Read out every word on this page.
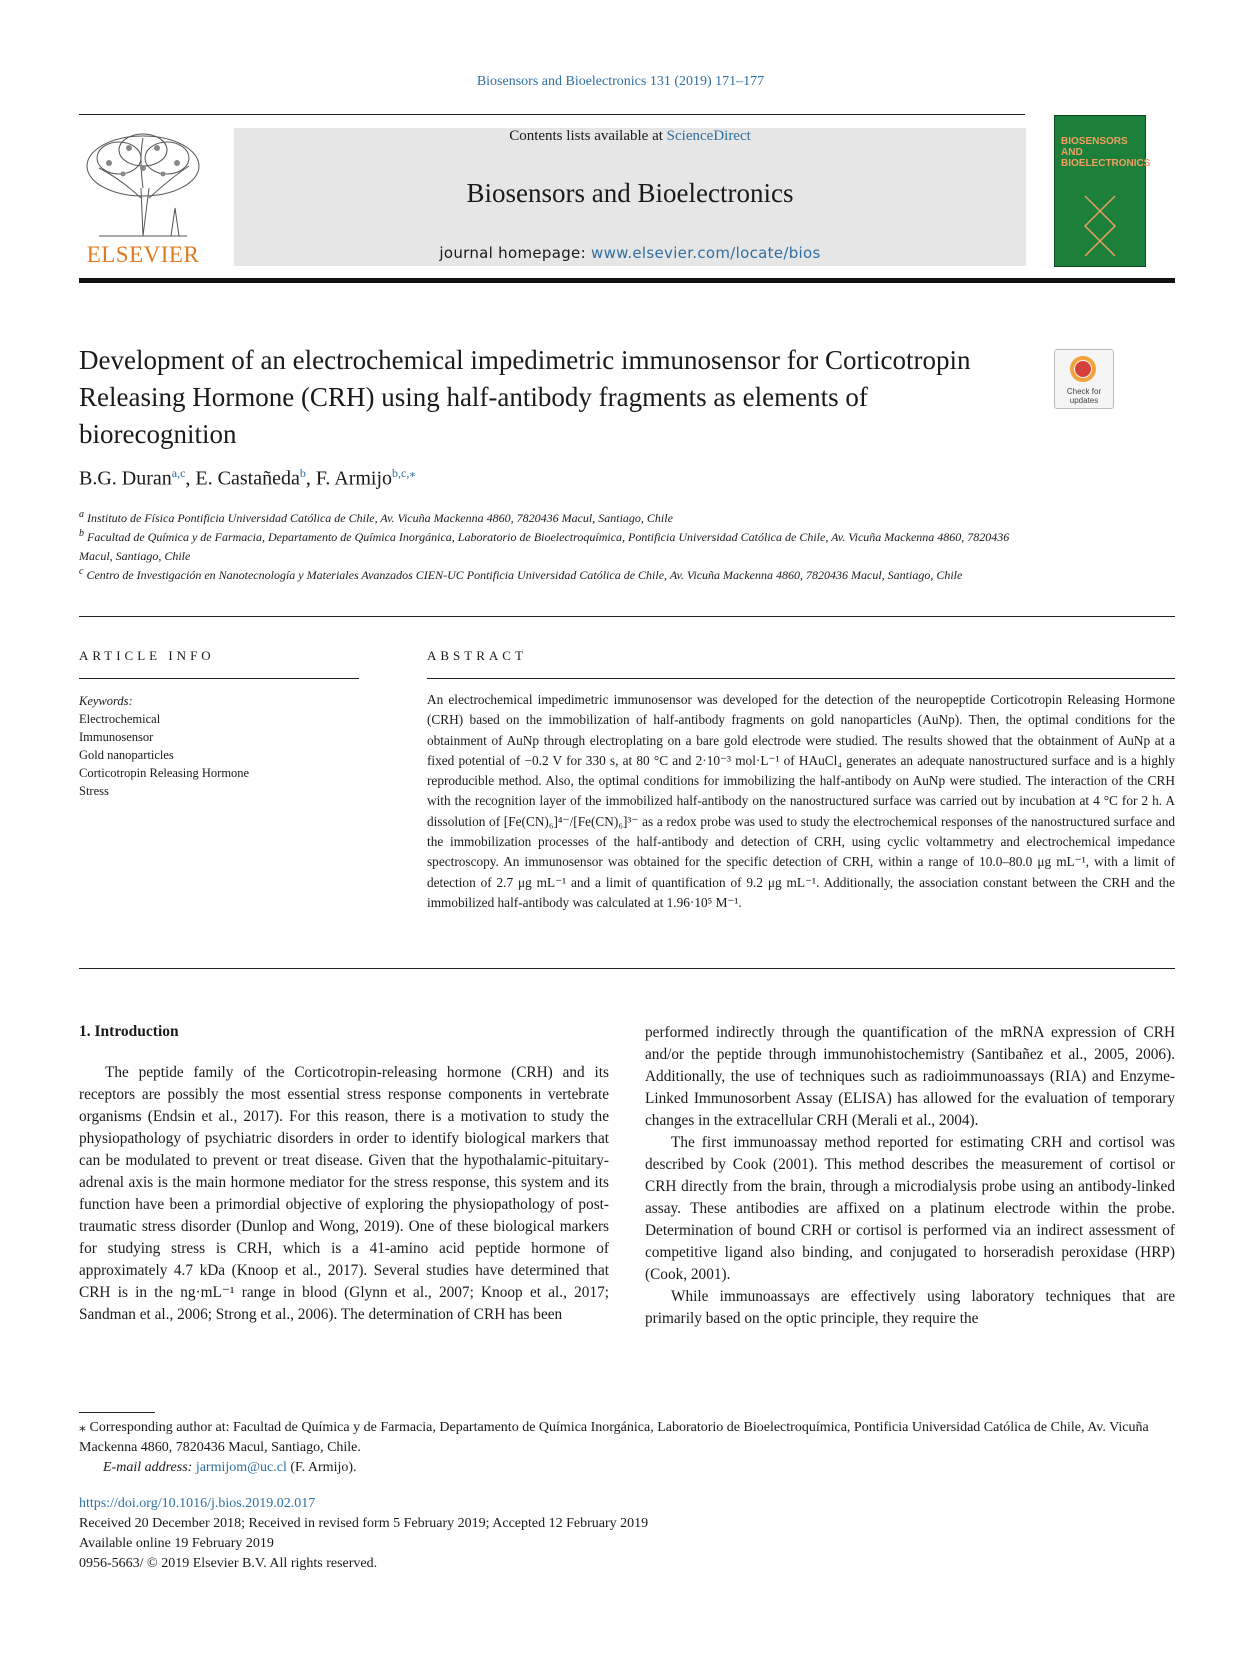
Biosensors and Bioelectronics 131 (2019) 171–177
ELSEVIER
Contents lists available at ScienceDirect
Biosensors and Bioelectronics
journal homepage: www.elsevier.com/locate/bios
BIOSENSORS AND BIOELECTRONICS
Development of an electrochemical impedimetric immunosensor for Corticotropin Releasing Hormone (CRH) using half-antibody fragments as elements of biorecognition
Check for updates
B.G. Duran$^{a,c}$, E. Castañeda$^b$, F. Armijo$^{b,c,⁎}$
$^a$ Instituto de Física Pontificia Universidad Católica de Chile, Av. Vicuña Mackenna 4860, 7820436 Macul, Santiago, Chile
$^b$ Facultad de Química y de Farmacia, Departamento de Química Inorgánica, Laboratorio de Bioelectroquímica, Pontificia Universidad Católica de Chile, Av. Vicuña Mackenna 4860, 7820436 Macul, Santiago, Chile
$^c$ Centro de Investigación en Nanotecnología y Materiales Avanzados CIEN-UC Pontificia Universidad Católica de Chile, Av. Vicuña Mackenna 4860, 7820436 Macul, Santiago, Chile
ARTICLE INFO
Keywords:
Electrochemical
Immunosensor
Gold nanoparticles
Corticotropin Releasing Hormone
Stress
ABSTRACT
An electrochemical impedimetric immunosensor was developed for the detection of the neuropeptide Corticotropin Releasing Hormone (CRH) based on the immobilization of half-antibody fragments on gold nanoparticles (AuNp). Then, the optimal conditions for the obtainment of AuNp through electroplating on a bare gold electrode were studied. The results showed that the obtainment of AuNp at a fixed potential of −0.2 V for 330 s, at 80 °C and 2·10⁻³ mol·L⁻¹ of HAuCl₄ generates an adequate nanostructured surface and is a highly reproducible method. Also, the optimal conditions for immobilizing the half-antibody on AuNp were studied. The interaction of the CRH with the recognition layer of the immobilized half-antibody on the nanostructured surface was carried out by incubation at 4 °C for 2 h. A dissolution of [Fe(CN)₆]⁴⁻/[Fe(CN)₆]³⁻ as a redox probe was used to study the electrochemical responses of the nanostructured surface and the immobilization processes of the half-antibody and detection of CRH, using cyclic voltammetry and electrochemical impedance spectroscopy. An immunosensor was obtained for the specific detection of CRH, within a range of 10.0–80.0 μg mL⁻¹, with a limit of detection of 2.7 μg mL⁻¹ and a limit of quantification of 9.2 μg mL⁻¹. Additionally, the association constant between the CRH and the immobilized half-antibody was calculated at 1.96·10⁵ M⁻¹.
1. Introduction

The peptide family of the Corticotropin-releasing hormone (CRH) and its receptors are possibly the most essential stress response components in vertebrate organisms (Endsin et al., 2017). For this reason, there is a motivation to study the physiopathology of psychiatric disorders in order to identify biological markers that can be modulated to prevent or treat disease. Given that the hypothalamic-pituitary-adrenal axis is the main hormone mediator for the stress response, this system and its function have been a primordial objective of exploring the physiopathology of post-traumatic stress disorder (Dunlop and Wong, 2019). One of these biological markers for studying stress is CRH, which is a 41-amino acid peptide hormone of approximately 4.7 kDa (Knoop et al., 2017). Several studies have determined that CRH is in the ng·mL⁻¹ range in blood (Glynn et al., 2007; Knoop et al., 2017; Sandman et al., 2006; Strong et al., 2006). The determination of CRH has been

performed indirectly through the quantification of the mRNA expression of CRH and/or the peptide through immunohistochemistry (Santibañez et al., 2005, 2006). Additionally, the use of techniques such as radioimmunoassays (RIA) and Enzyme-Linked Immunosorbent Assay (ELISA) has allowed for the evaluation of temporary changes in the extracellular CRH (Merali et al., 2004).

The first immunoassay method reported for estimating CRH and cortisol was described by Cook (2001). This method describes the measurement of cortisol or CRH directly from the brain, through a microdialysis probe using an antibody-linked assay. These antibodies are affixed on a platinum electrode within the probe. Determination of bound CRH or cortisol is performed via an indirect assessment of competitive ligand also binding, and conjugated to horseradish peroxidase (HRP) (Cook, 2001).

While immunoassays are effectively using laboratory techniques that are primarily based on the optic principle, they require the

⁎ Corresponding author at: Facultad de Química y de Farmacia, Departamento de Química Inorgánica, Laboratorio de Bioelectroquímica, Pontificia Universidad Católica de Chile, Av. Vicuña Mackenna 4860, 7820436 Macul, Santiago, Chile.
E-mail address: jarmijom@uc.cl (F. Armijo).
https://doi.org/10.1016/j.bios.2019.02.017
Received 20 December 2018; Received in revised form 5 February 2019; Accepted 12 February 2019
Available online 19 February 2019
0956-5663/ © 2019 Elsevier B.V. All rights reserved.
